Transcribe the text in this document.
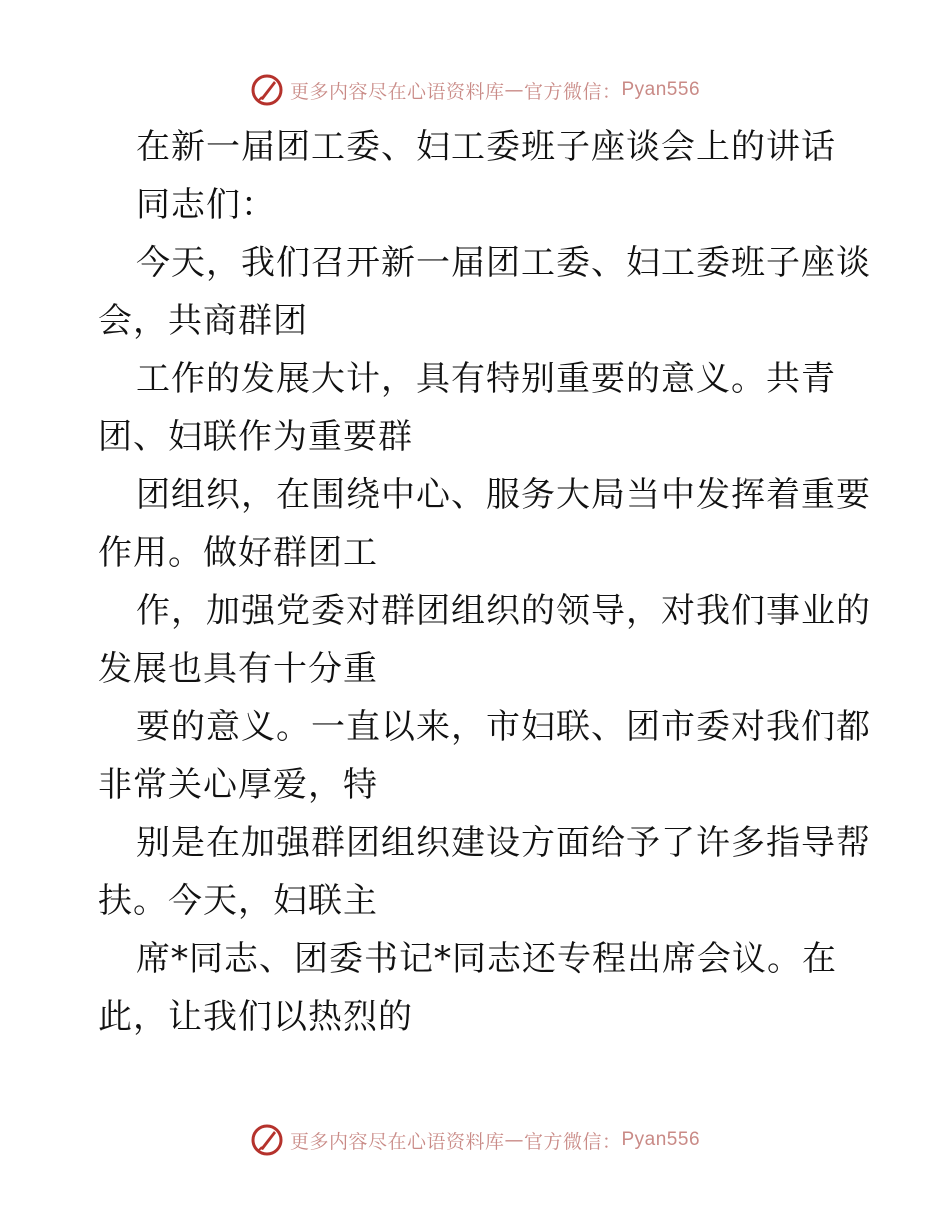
更多内容尽在心语资料库 — 官方微信： Pyan556
在新一届团工委、妇工委班子座谈会上的讲话
同志们：
今天，我们召开新一届团工委、妇工委班子座谈
会，共商群团
工作的发展大计，具有特别重要的意义。共青
团、妇联作为重要群
团组织，在围绕中心、服务大局当中发挥着重要
作用。做好群团工
作，加强党委对群团组织的领导，对我们事业的
发展也具有十分重
要的意义。一直以来，市妇联、团市委对我们都
非常关心厚爱，特
别是在加强群团组织建设方面给予了许多指导帮
扶。今天，妇联主
席*同志、团委书记*同志还专程出席会议。在
此，让我们以热烈的
更多内容尽在心语资料库 — 官方微信： Pyan556
